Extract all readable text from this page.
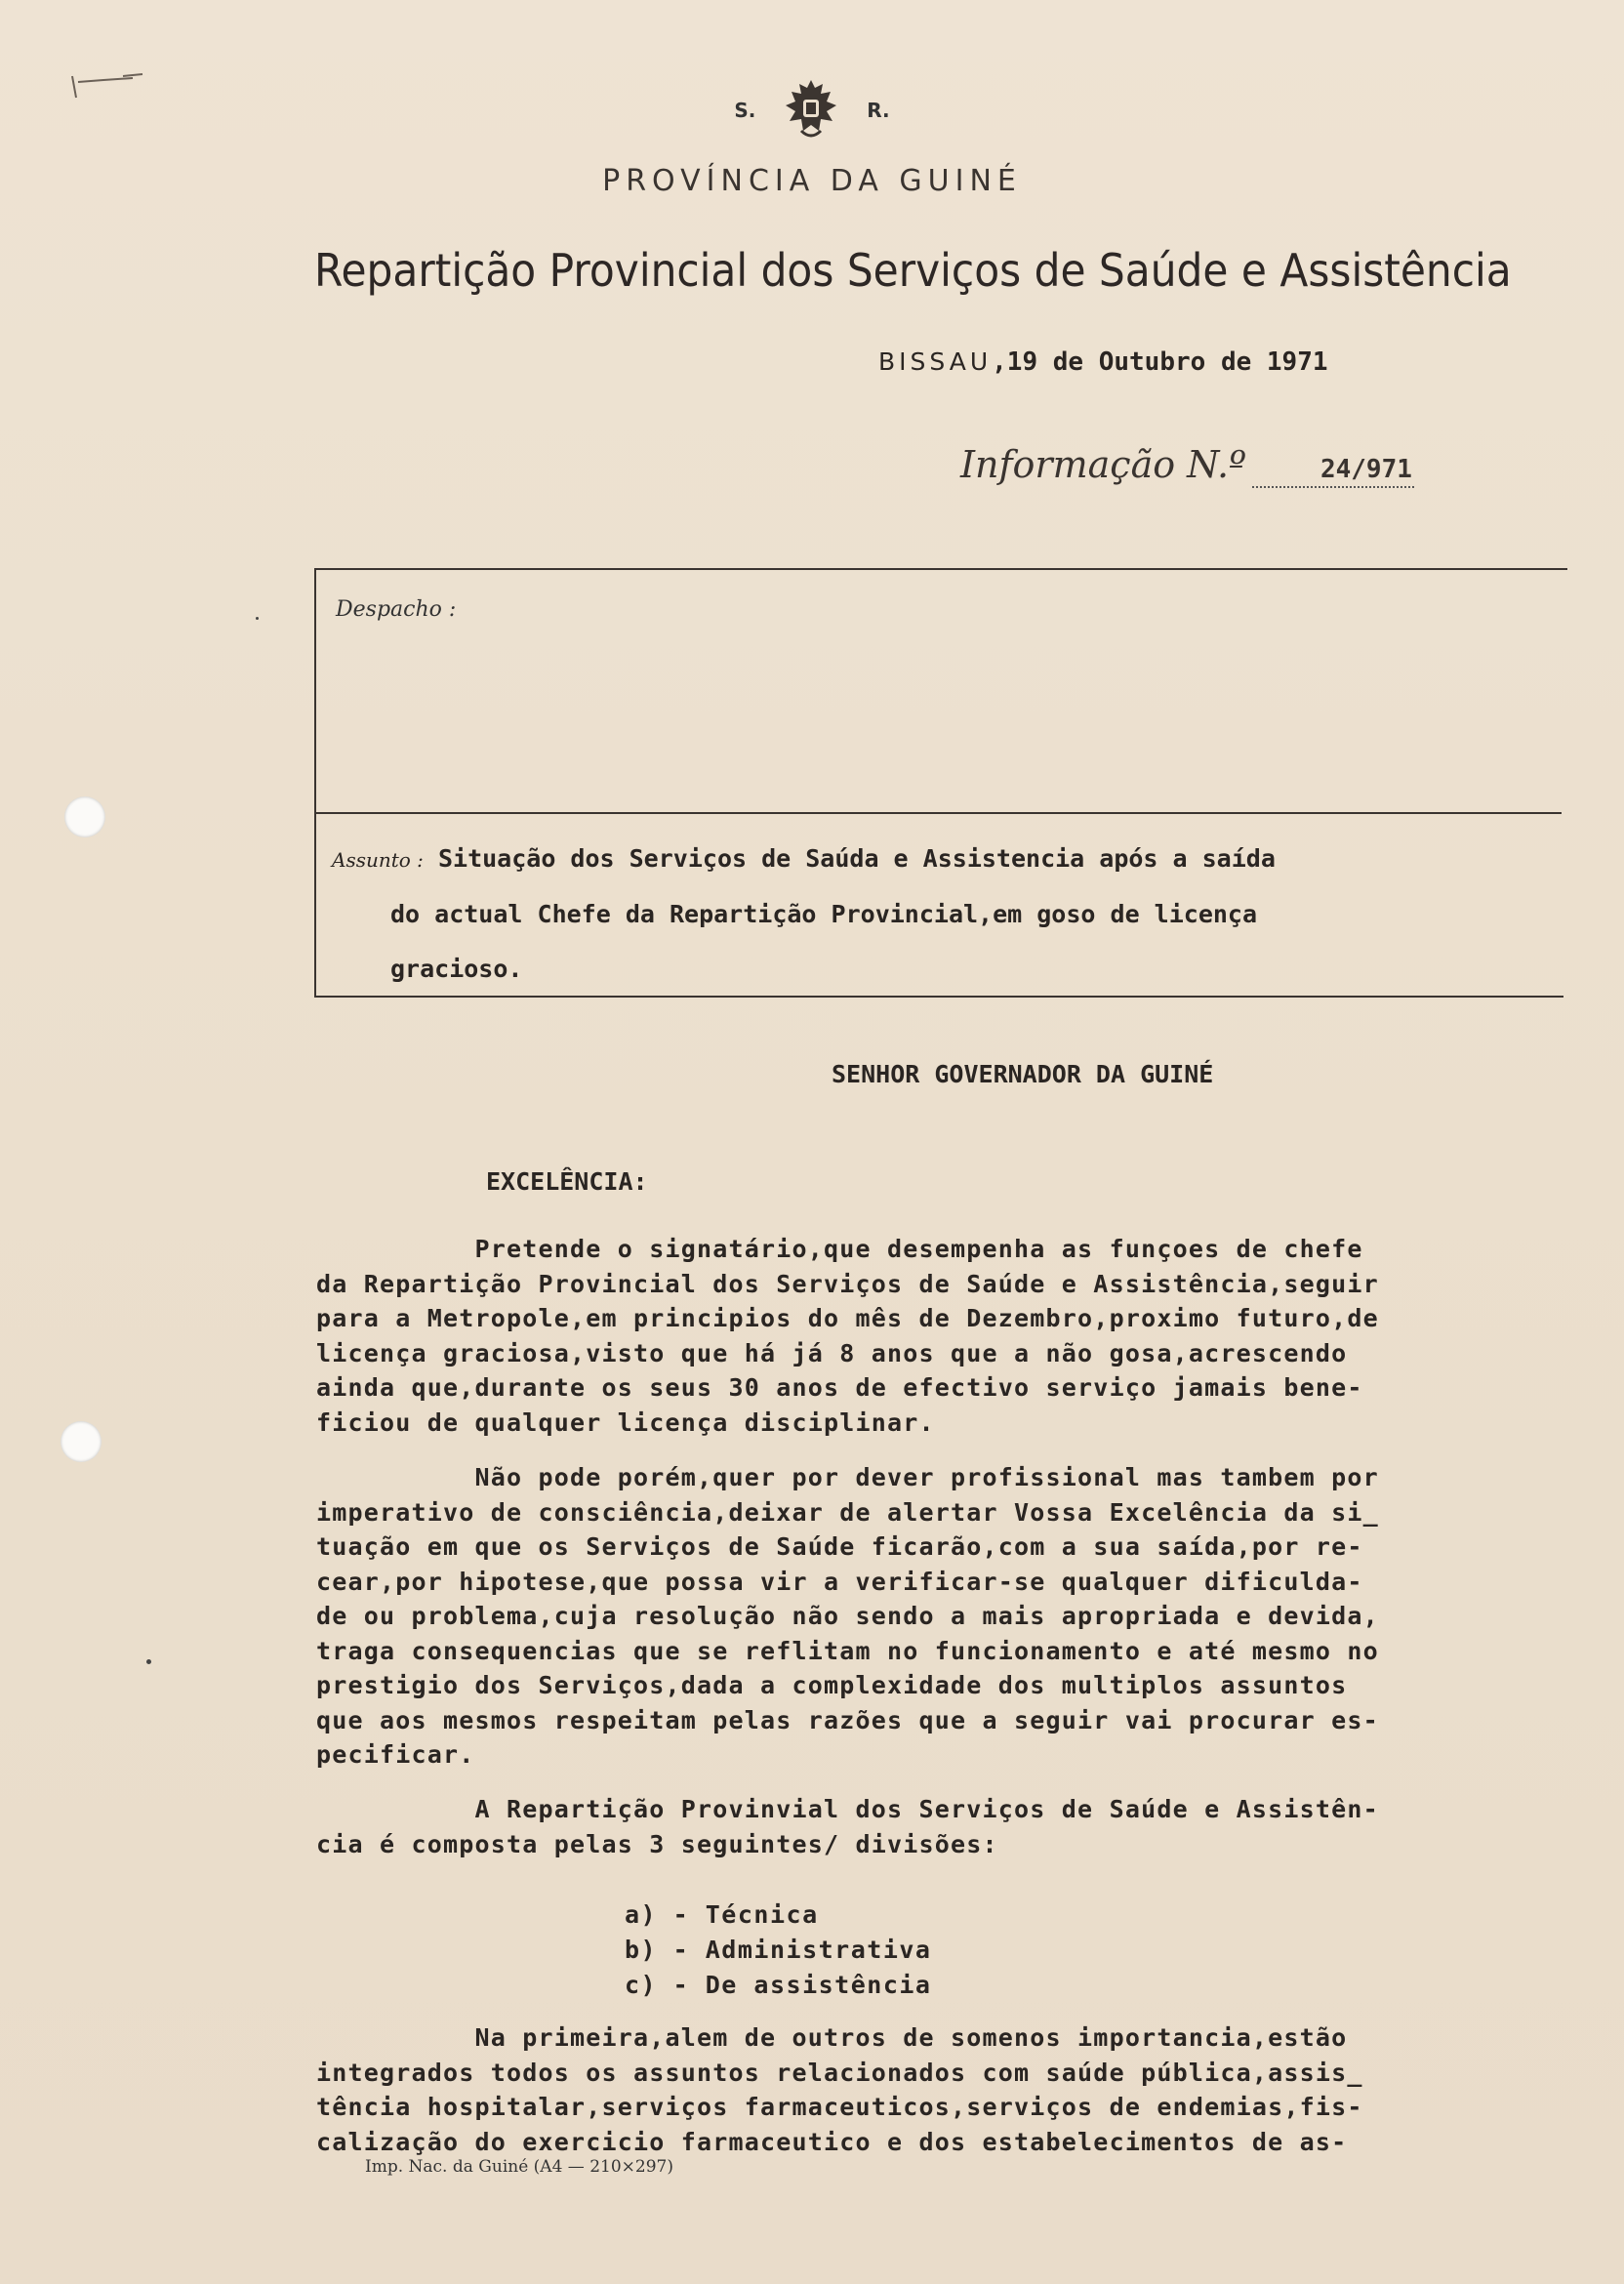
S.	R.
PROVÍNCIA DA GUINÉ
Repartição Provincial dos Serviços de Saúde e Assistência
BISSAU,19 de Outubro de 1971
Informação N.º	24/971
Despacho :
Assunto : Situação dos Serviços de Saúda e Assistencia após a saída
do actual Chefe da Repartição Provincial,em goso de licença
gracioso.
SENHOR GOVERNADOR DA GUINÉ
EXCELÊNCIA:
Pretende o signatário,que desempenha as funçoes de chefe
da Repartição Provincial dos Serviços de Saúde e Assistência,seguir
para a Metropole,em principios do mês de Dezembro,proximo futuro,de
licença graciosa,visto que há já 8 anos que a não gosa,acrescendo
ainda que,durante os seus 30 anos de efectivo serviço jamais bene-
ficiou de qualquer licença disciplinar.
Não pode porém,quer por dever profissional mas tambem por
imperativo de consciência,deixar de alertar Vossa Excelência da si_
tuação em que os Serviços de Saúde ficarão,com a sua saída,por re-
cear,por hipotese,que possa vir a verificar-se qualquer dificulda-
de ou problema,cuja resolução não sendo a mais apropriada e devida,
traga consequencias que se reflitam no funcionamento e até mesmo no
prestigio dos Serviços,dada a complexidade dos multiplos assuntos
que aos mesmos respeitam pelas razões que a seguir vai procurar es-
pecificar.
A Repartição Provinvial dos Serviços de Saúde e Assistên-
cia é composta pelas 3 seguintes/ divisões:
a) - Técnica
b) - Administrativa
c) - De assistência
Na primeira,alem de outros de somenos importancia,estão
integrados todos os assuntos relacionados com saúde pública,assis_
tência hospitalar,serviços farmaceuticos,serviços de endemias,fis-
calização do exercicio farmaceutico e dos estabelecimentos de as-
Imp. Nac. da Guiné (A4 — 210×297)
